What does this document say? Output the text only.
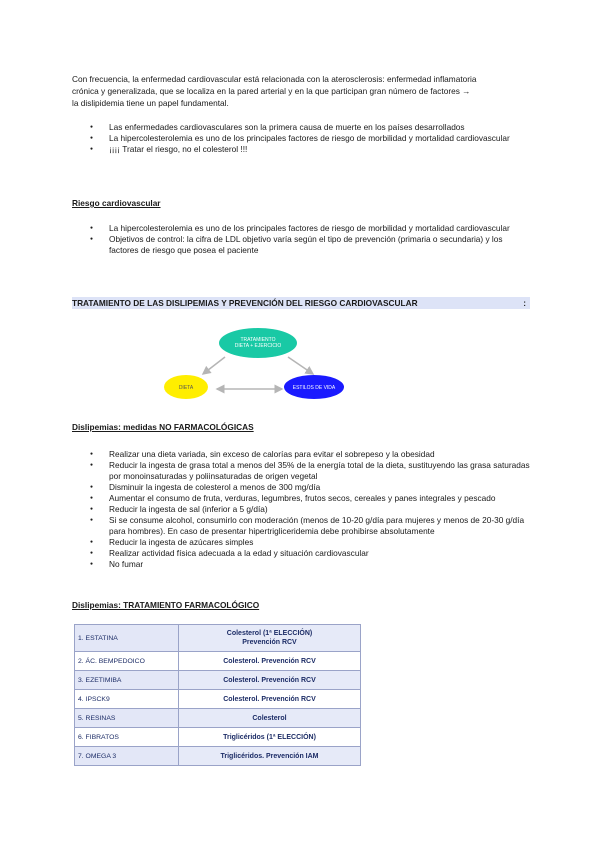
Con frecuencia, la enfermedad cardiovascular está relacionada con la aterosclerosis: enfermedad inflamatoria

crónica y generalizada, que se localiza en la pared arterial y en la que participan gran número de factores →

la dislipidemia tiene un papel fundamental.

● Las enfermedades cardiovasculares son la primera causa de muerte en los países desarrollados
● La hipercolesterolemia es uno de los principales factores de riesgo de morbilidad y mortalidad cardiovascular
● ¡¡¡¡ Tratar el riesgo, no el colesterol !!!
Riesgo cardiovascular
● La hipercolesterolemia es uno de los principales factores de riesgo de morbilidad y mortalidad cardiovascular
● Objetivos de control: la cifra de LDL objetivo varía según el tipo de prevención (primaria o secundaria) y los factores de riesgo que posea el paciente
TRATAMIENTO DE LAS DISLIPEMIAS Y PREVENCIÓN DEL RIESGO CARDIOVASCULAR	:
TRATAMIENTO
DIETA + EJERCICIO
DIETA	ESTILOS DE VIDA
Dislipemias: medidas NO FARMACOLÓGICAS
● Realizar una dieta variada, sin exceso de calorías para evitar el sobrepeso y la obesidad
● Reducir la ingesta de grasa total a menos del 35% de la energía total de la dieta, sustituyendo las grasa saturadas por monoinsaturadas y poliinsaturadas de origen vegetal
● Disminuir la ingesta de colesterol a menos de 300 mg/día
● Aumentar el consumo de fruta, verduras, legumbres, frutos secos, cereales y panes integrales y pescado
● Reducir la ingesta de sal (inferior a 5 g/día)
● Si se consume alcohol, consumirlo con moderación (menos de 10-20 g/día para mujeres y menos de 20-30 g/día para hombres). En caso de presentar hipertrigliceridemia debe prohibirse absolutamente
● Reducir la ingesta de azúcares simples
● Realizar actividad física adecuada a la edad y situación cardiovascular
● No fumar
Dislipemias: TRATAMIENTO FARMACOLÓGICO
1. ESTATINA	Colesterol (1ª ELECCIÓN)
Prevención RCV

2. ÁC. BEMPEDOICO	Colesterol. Prevención RCV
3. EZETIMIBA	Colesterol. Prevención RCV
4. IPSCK9	Colesterol. Prevención RCV
5. RESINAS	Colesterol
6. FIBRATOS	Triglicéridos (1ª ELECCIÓN)
7. OMEGA 3	Triglicéridos. Prevención IAM
